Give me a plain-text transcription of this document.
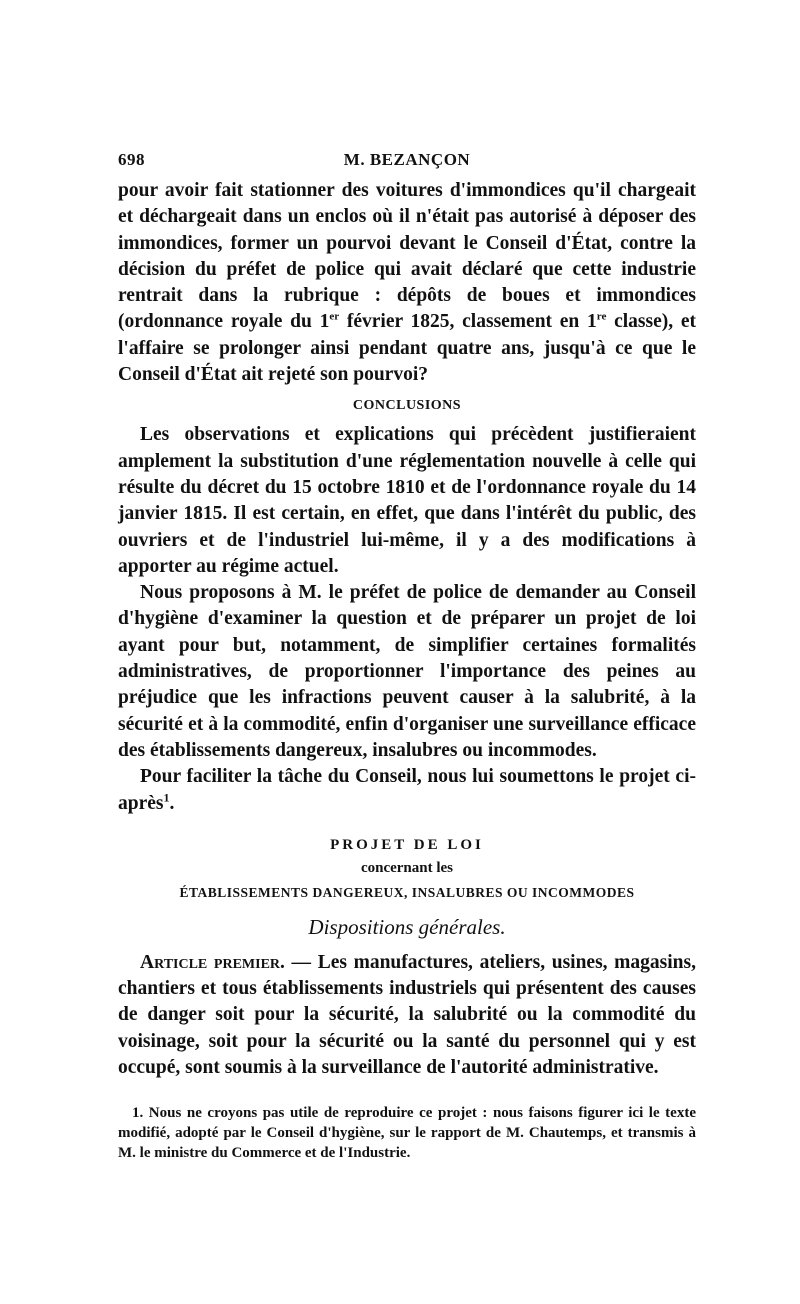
698	M. BEZANÇON

pour avoir fait stationner des voitures d'immondices qu'il chargeait et déchargeait dans un enclos où il n'était pas autorisé à déposer des immondices, former un pourvoi devant le Conseil d'État, contre la décision du préfet de police qui avait déclaré que cette industrie rentrait dans la rubrique : dépôts de boues et immondices (ordonnance royale du 1er février 1825, classement en 1re classe), et l'affaire se prolonger ainsi pendant quatre ans, jusqu'à ce que le Conseil d'État ait rejeté son pourvoi?

CONCLUSIONS

Les observations et explications qui précèdent justifieraient amplement la substitution d'une réglementation nouvelle à celle qui résulte du décret du 15 octobre 1810 et de l'ordonnance royale du 14 janvier 1815. Il est certain, en effet, que dans l'intérêt du public, des ouvriers et de l'industriel lui-même, il y a des modifications à apporter au régime actuel.

Nous proposons à M. le préfet de police de demander au Conseil d'hygiène d'examiner la question et de préparer un projet de loi ayant pour but, notamment, de simplifier certaines formalités administratives, de proportionner l'importance des peines au préjudice que les infractions peuvent causer à la salubrité, à la sécurité et à la commodité, enfin d'organiser une surveillance efficace des établissements dangereux, insalubres ou incommodes.

Pour faciliter la tâche du Conseil, nous lui soumettons le projet ci-après$^1$.

PROJET DE LOI

concernant les

ÉTABLISSEMENTS DANGEREUX, INSALUBRES OU INCOMMODES

Dispositions générales.

Article premier. — Les manufactures, ateliers, usines, magasins, chantiers et tous établissements industriels qui présentent des causes de danger soit pour la sécurité, la salubrité ou la commodité du voisinage, soit pour la sécurité ou la santé du personnel qui y est occupé, sont soumis à la surveillance de l'autorité administrative.

1. Nous ne croyons pas utile de reproduire ce projet : nous faisons figurer ici le texte modifié, adopté par le Conseil d'hygiène, sur le rapport de M. Chautemps, et transmis à M. le ministre du Commerce et de l'Industrie.
